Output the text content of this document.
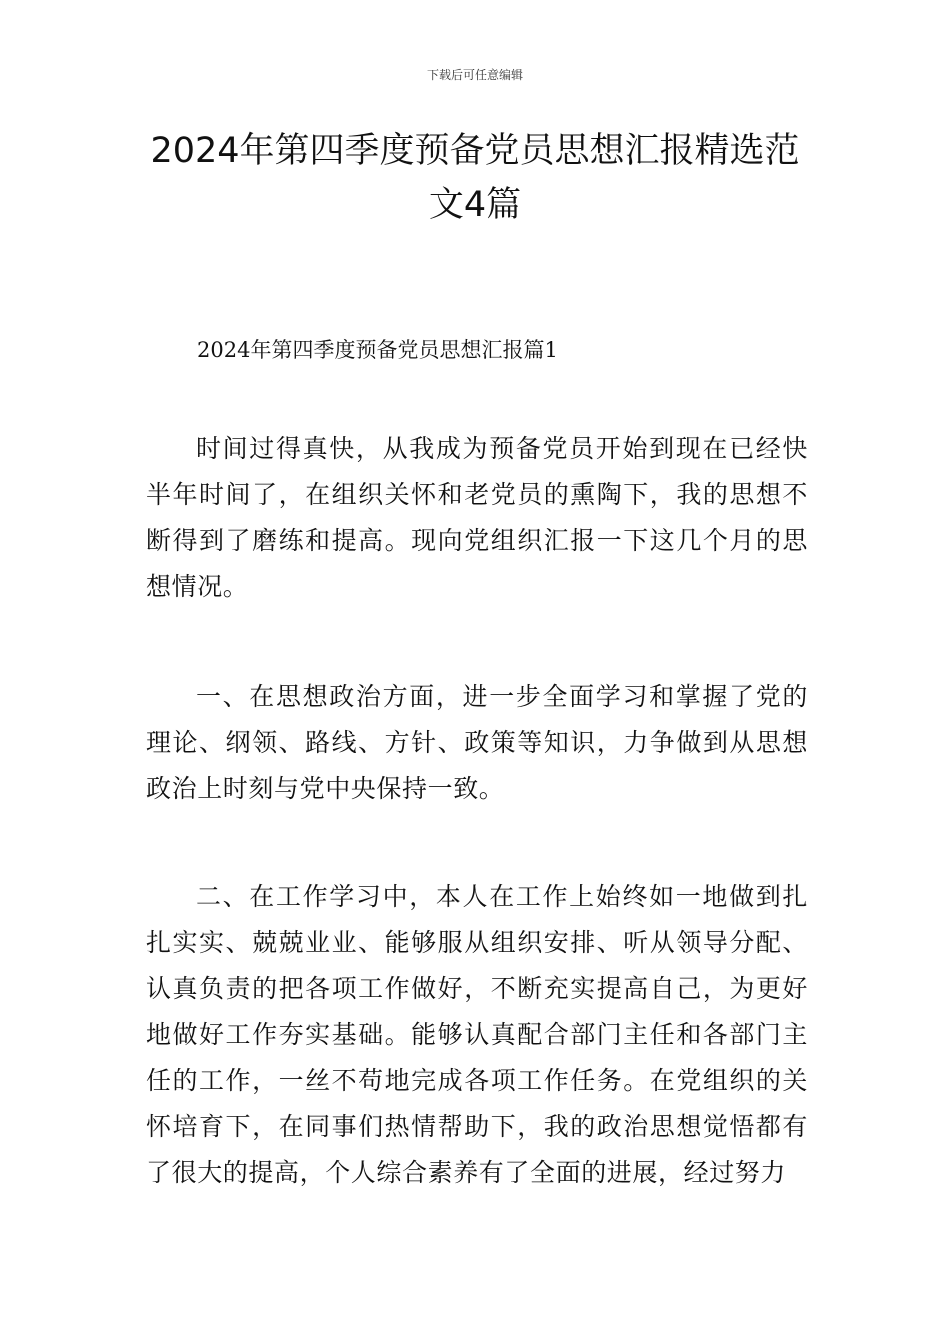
下载后可任意编辑
2024年第四季度预备党员思想汇报精选范文4篇
2024年第四季度预备党员思想汇报篇1

时间过得真快，从我成为预备党员开始到现在已经快半年时间了，在组织关怀和老党员的熏陶下，我的思想不断得到了磨练和提高。现向党组织汇报一下这几个月的思想情况。

一、在思想政治方面，进一步全面学习和掌握了党的理论、纲领、路线、方针、政策等知识，力争做到从思想政治上时刻与党中央保持一致。

二、在工作学习中，本人在工作上始终如一地做到扎扎实实、兢兢业业、能够服从组织安排、听从领导分配、认真负责的把各项工作做好，不断充实提高自己，为更好地做好工作夯实基础。能够认真配合部门主任和各部门主任的工作，一丝不苟地完成各项工作任务。在党组织的关怀培育下，在同事们热情帮助下，我的政治思想觉悟都有了很大的提高，个人综合素养有了全面的进展，经过努力
